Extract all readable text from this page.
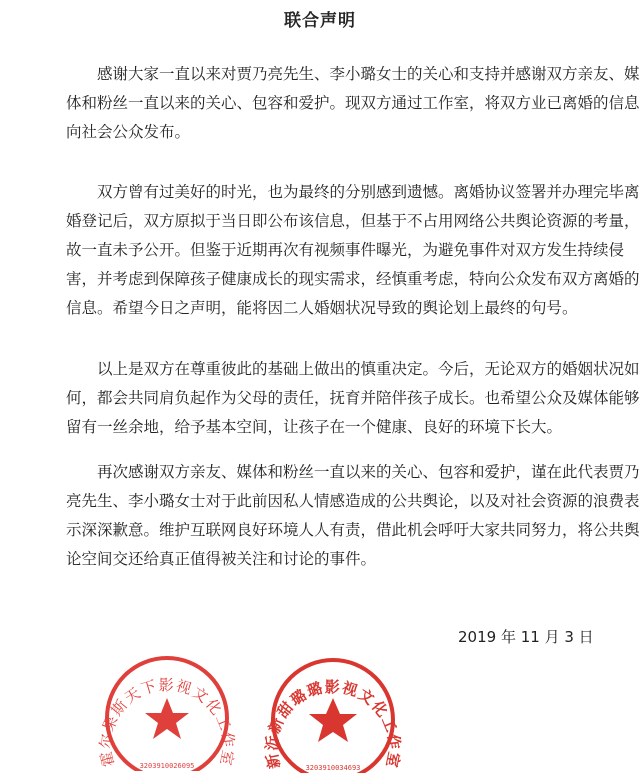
联合声明
　　感谢大家一直以来对贾乃亮先生、李小璐女士的关心和支持并感谢双方亲友、媒
体和粉丝一直以来的关心、包容和爱护。现双方通过工作室，将双方业已离婚的信息
向社会公众发布。
　　双方曾有过美好的时光，也为最终的分别感到遗憾。离婚协议签署并办理完毕离
婚登记后，双方原拟于当日即公布该信息，但基于不占用网络公共舆论资源的考量，
故一直未予公开。但鉴于近期再次有视频事件曝光，为避免事件对双方发生持续侵
害，并考虑到保障孩子健康成长的现实需求，经慎重考虑，特向公众发布双方离婚的
信息。希望今日之声明，能将因二人婚姻状况导致的舆论划上最终的句号。
　　以上是双方在尊重彼此的基础上做出的慎重决定。今后，无论双方的婚姻状况如
何，都会共同肩负起作为父母的责任，抚育并陪伴孩子成长。也希望公众及媒体能够
留有一丝余地，给予基本空间，让孩子在一个健康、良好的环境下长大。
　　再次感谢双方亲友、媒体和粉丝一直以来的关心、包容和爱护，谨在此代表贾乃
亮先生、李小璐女士对于此前因私人情感造成的公共舆论，以及对社会资源的浪费表
示深深歉意。维护互联网良好环境人人有责，借此机会呼吁大家共同努力，将公共舆
论空间交还给真正值得被关注和讨论的事件。
2019 年 11 月 3 日
霍尔果斯天下影视文化工作室
3203910026095	新沂新甜璐璐影视文化工作室
3203910034693
